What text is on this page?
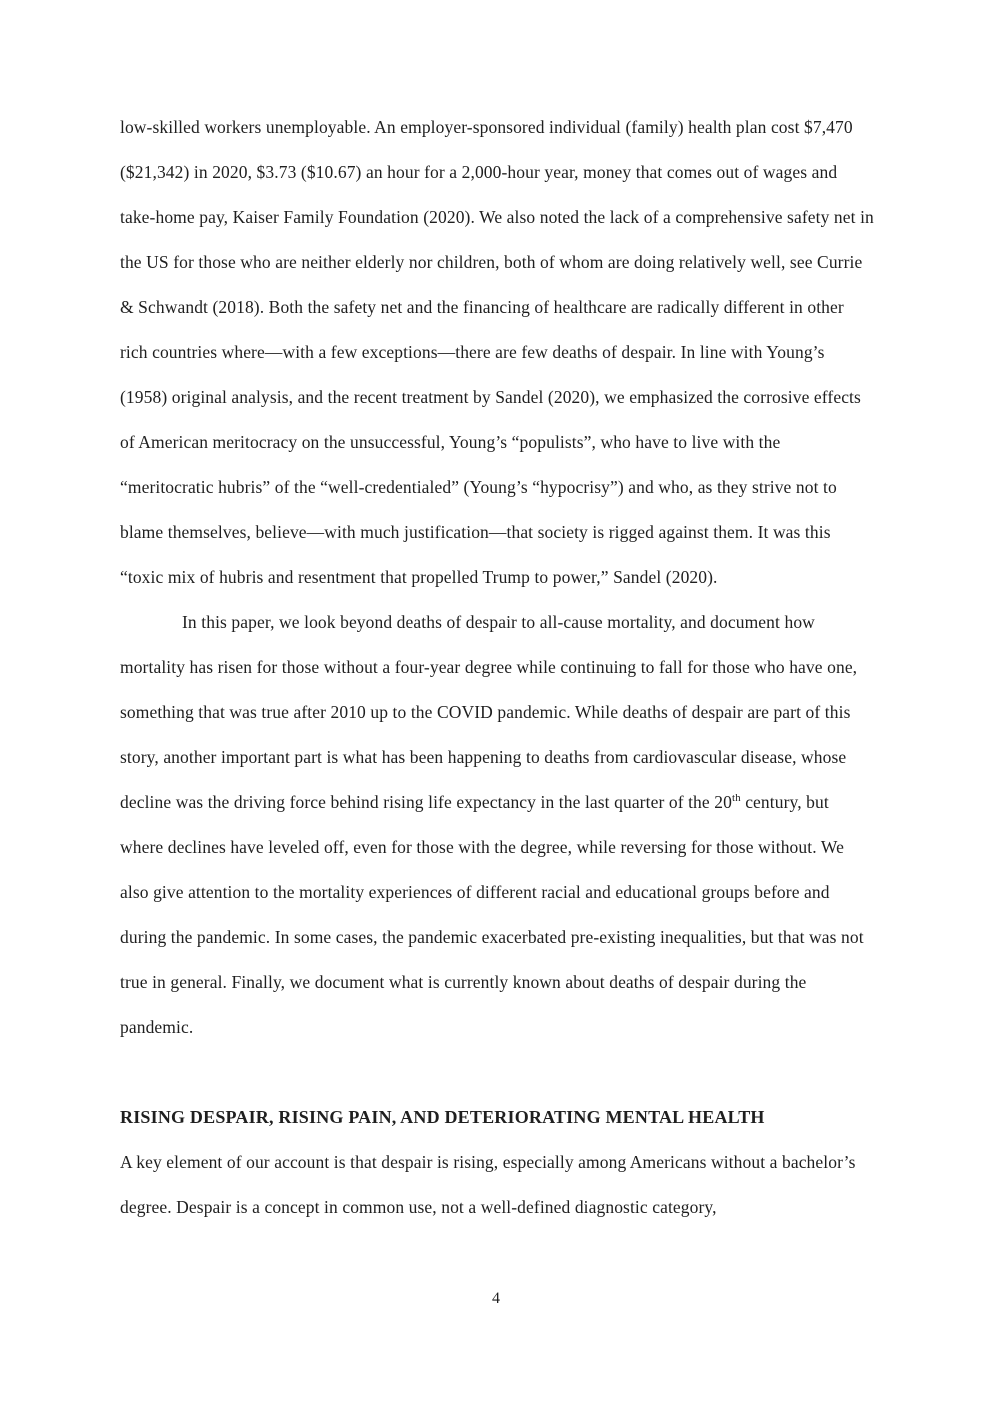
low-skilled workers unemployable. An employer-sponsored individual (family) health plan cost $7,470 ($21,342) in 2020, $3.73 ($10.67) an hour for a 2,000-hour year, money that comes out of wages and take-home pay, Kaiser Family Foundation (2020). We also noted the lack of a comprehensive safety net in the US for those who are neither elderly nor children, both of whom are doing relatively well, see Currie & Schwandt (2018). Both the safety net and the financing of healthcare are radically different in other rich countries where—with a few exceptions—there are few deaths of despair. In line with Young’s (1958) original analysis, and the recent treatment by Sandel (2020), we emphasized the corrosive effects of American meritocracy on the unsuccessful, Young’s “populists”, who have to live with the “meritocratic hubris” of the “well-credentialed” (Young’s “hypocrisy”) and who, as they strive not to blame themselves, believe—with much justification—that society is rigged against them. It was this “toxic mix of hubris and resentment that propelled Trump to power,” Sandel (2020).

In this paper, we look beyond deaths of despair to all-cause mortality, and document how mortality has risen for those without a four-year degree while continuing to fall for those who have one, something that was true after 2010 up to the COVID pandemic. While deaths of despair are part of this story, another important part is what has been happening to deaths from cardiovascular disease, whose decline was the driving force behind rising life expectancy in the last quarter of the 20th century, but where declines have leveled off, even for those with the degree, while reversing for those without. We also give attention to the mortality experiences of different racial and educational groups before and during the pandemic. In some cases, the pandemic exacerbated pre-existing inequalities, but that was not true in general. Finally, we document what is currently known about deaths of despair during the pandemic.

RISING DESPAIR, RISING PAIN, AND DETERIORATING MENTAL HEALTH

A key element of our account is that despair is rising, especially among Americans without a bachelor’s degree. Despair is a concept in common use, not a well-defined diagnostic category,

4
